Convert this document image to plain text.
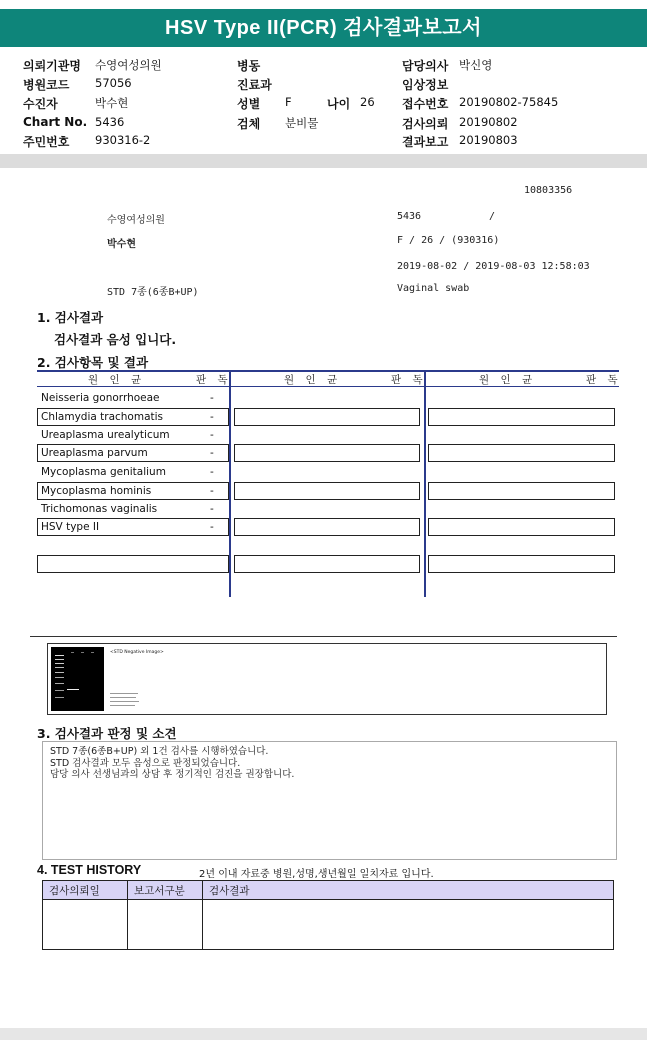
HSV Type II(PCR) 검사결과보고서
의뢰기관명 수영여성의원
병원코드 57056
수진자	박수현
Chart No. 5436
주민번호 930316-2
병동
진료과
성별 F	나이 26
검체 분비물
담당의사 박신영
임상정보
접수번호 20190802-75845
검사의뢰 20190802
결과보고 20190803
10803356
수영여성의원	5436	/
박수현	F / 26 / (930316)
2019-08-02 / 2019-08-03 12:58:03
STD 7종(6종B+UP)	Vaginal swab
1. 검사결과
검사결과 음성 입니다.
2. 검사항목 및 결과
원 인 균	판 독	원 인 균	판 독	원 인 균	판 독
Neisseria gonorrhoeae	-
Chlamydia trachomatis	-
Ureaplasma urealyticum	-
Ureaplasma parvum	-
Mycoplasma genitalium	-
Mycoplasma hominis	-
Trichomonas vaginalis	-
HSV type II	-
<STD Negative Image>
3. 검사결과 판정 및 소견
STD 7종(6종B+UP) 외 1건 검사를 시행하였습니다.
STD 검사결과 모두 음성으로 판정되었습니다.
담당 의사 선생님과의 상담 후 정기적인 검진을 권장합니다.
4. TEST HISTORY	2년 이내 자료중 병원,성명,생년월일 일치자료 입니다.
검사의뢰일	보고서구분	검사결과
